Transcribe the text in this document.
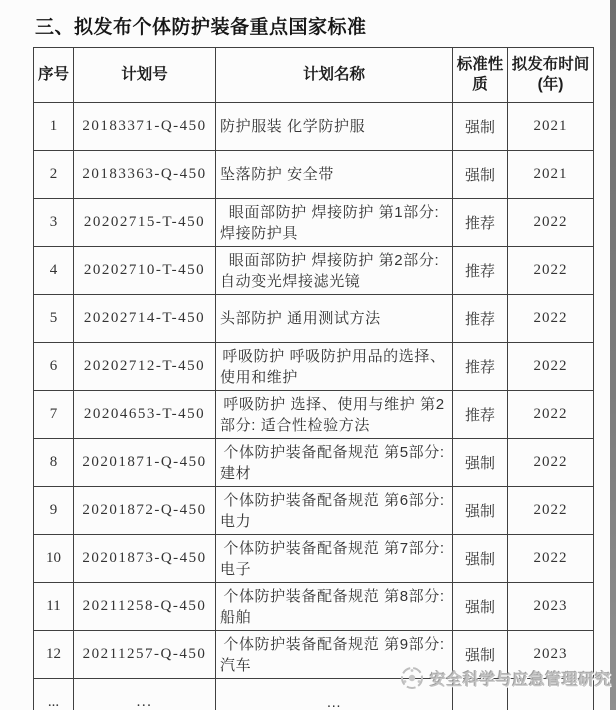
三、拟发布个体防护装备重点国家标准
序号	计划号	计划名称	标准性质	拟发布时间(年)
1	20183371-Q-450	防护服装 化学防护服	强制	2021
2	20183363-Q-450	坠落防护 安全带	强制	2021
3	20202715-T-450	眼面部防护 焊接防护 第1部分: 焊接防护具	推荐	2022
4	20202710-T-450	眼面部防护 焊接防护 第2部分: 自动变光焊接滤光镜	推荐	2022
5	20202714-T-450	头部防护 通用测试方法	推荐	2022
6	20202712-T-450	呼吸防护 呼吸防护用品的选择、使用和维护	推荐	2022
7	20204653-T-450	呼吸防护 选择、使用与维护 第2部分: 适合性检验方法	推荐	2022
8	20201871-Q-450	个体防护装备配备规范 第5部分: 建材	强制	2022
9	20201872-Q-450	个体防护装备配备规范 第6部分: 电力	强制	2022
10	20201873-Q-450	个体防护装备配备规范 第7部分: 电子	强制	2022
11	20211258-Q-450	个体防护装备配备规范 第8部分: 船舶	强制	2023
12	20211257-Q-450	个体防护装备配备规范 第9部分: 汽车	强制	2023
...	...	...		
安全科学与应急管理研究
